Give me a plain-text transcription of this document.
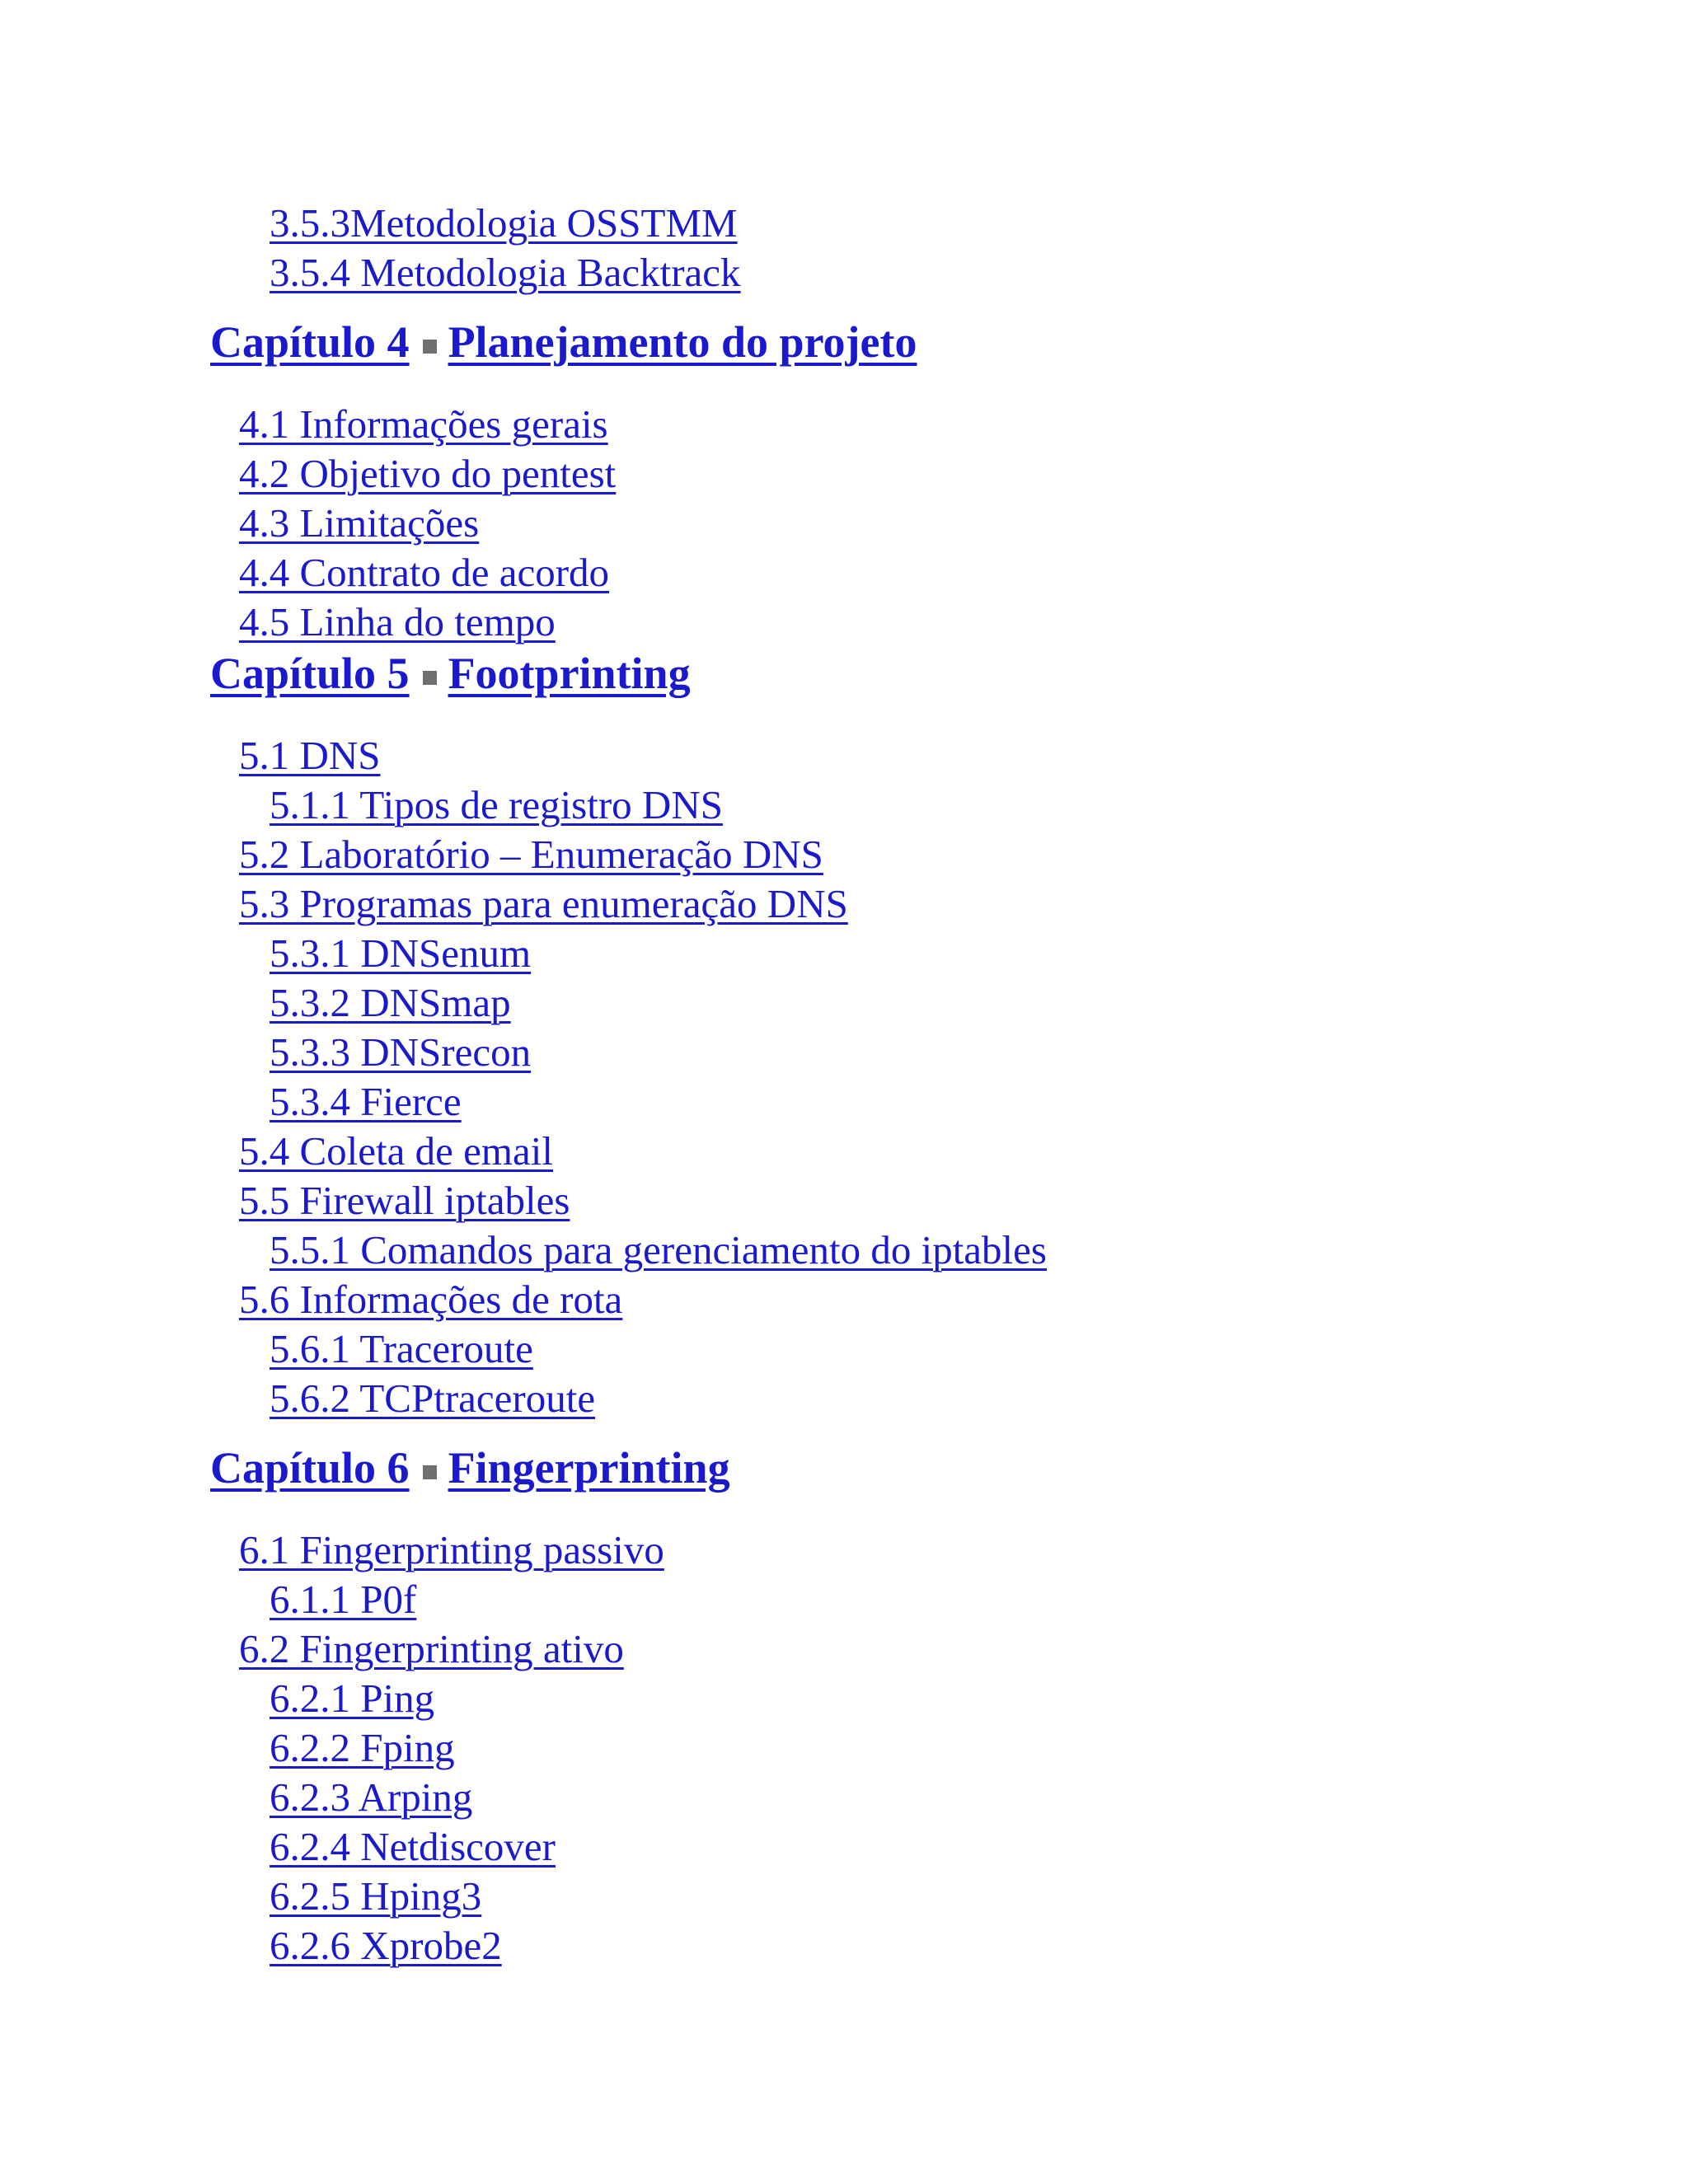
3.5.3Metodologia OSSTMM
3.5.4 Metodologia Backtrack
Capítulo 4 Planejamento do projeto
4.1 Informações gerais
4.2 Objetivo do pentest
4.3 Limitações
4.4 Contrato de acordo
4.5 Linha do tempo
Capítulo 5 Footprinting
5.1 DNS
5.1.1 Tipos de registro DNS
5.2 Laboratório – Enumeração DNS
5.3 Programas para enumeração DNS
5.3.1 DNSenum
5.3.2 DNSmap
5.3.3 DNSrecon
5.3.4 Fierce
5.4 Coleta de email
5.5 Firewall iptables
5.5.1 Comandos para gerenciamento do iptables
5.6 Informações de rota
5.6.1 Traceroute
5.6.2 TCPtraceroute
Capítulo 6 Fingerprinting
6.1 Fingerprinting passivo
6.1.1 P0f
6.2 Fingerprinting ativo
6.2.1 Ping
6.2.2 Fping
6.2.3 Arping
6.2.4 Netdiscover
6.2.5 Hping3
6.2.6 Xprobe2
